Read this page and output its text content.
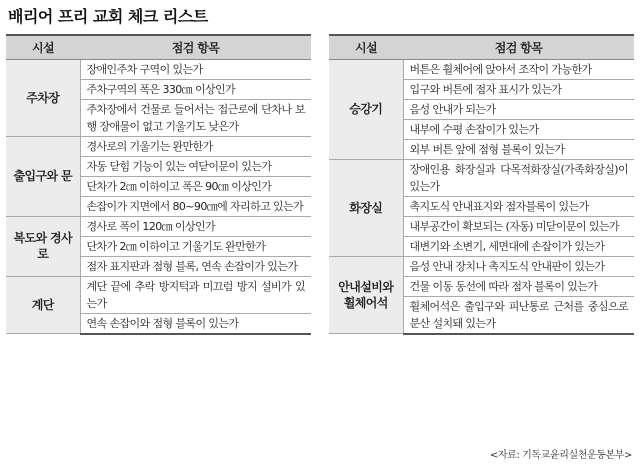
배리어 프리 교회 체크 리스트
시설	점검 항목
주차장	장애인주차 구역이 있는가
	주차구역의 폭은 330㎝ 이상인가
	주차장에서 건물로 들어서는 접근로에 단차나 보행 장애물이 없고 기울기도 낮은가
출입구와 문	경사로의 기울기는 완만한가
	자동 닫힘 기능이 있는 여닫이문이 있는가
	단차가 2㎝ 이하이고 폭은 90㎝ 이상인가
	손잡이가 지면에서 80~90㎝에 자리하고 있는가
복도와 경사로	경사로 폭이 120㎝ 이상인가
	단차가 2㎝ 이하이고 기울기도 완만한가
	점자 표지판과 점형 블록, 연속 손잡이가 있는가
계단	계단 끝에 추락 방지턱과 미끄럼 방지 설비가 있는가
	연속 손잡이와 점형 블록이 있는가
시설	점검 항목
승강기	버튼은 휠체어에 앉아서 조작이 가능한가
	입구와 버튼에 점자 표시가 있는가
	음성 안내가 되는가
	내부에 수평 손잡이가 있는가
	외부 버튼 앞에 점형 블록이 있는가
화장실	장애인용 화장실과 다목적화장실(가족화장실)이 있는가
	촉지도식 안내표지와 점자블록이 있는가
	내부공간이 확보되는 (자동) 미닫이문이 있는가
	대변기와 소변기, 세면대에 손잡이가 있는가
안내설비와 휠체어석	음성 안내 장치나 촉지도식 안내판이 있는가
	건물 이동 동선에 따라 점자 블록이 있는가
	휠체어석은 출입구와 피난통로 근처를 중심으로 분산 설치돼 있는가
<자료: 기독교윤리실천운동본부>
